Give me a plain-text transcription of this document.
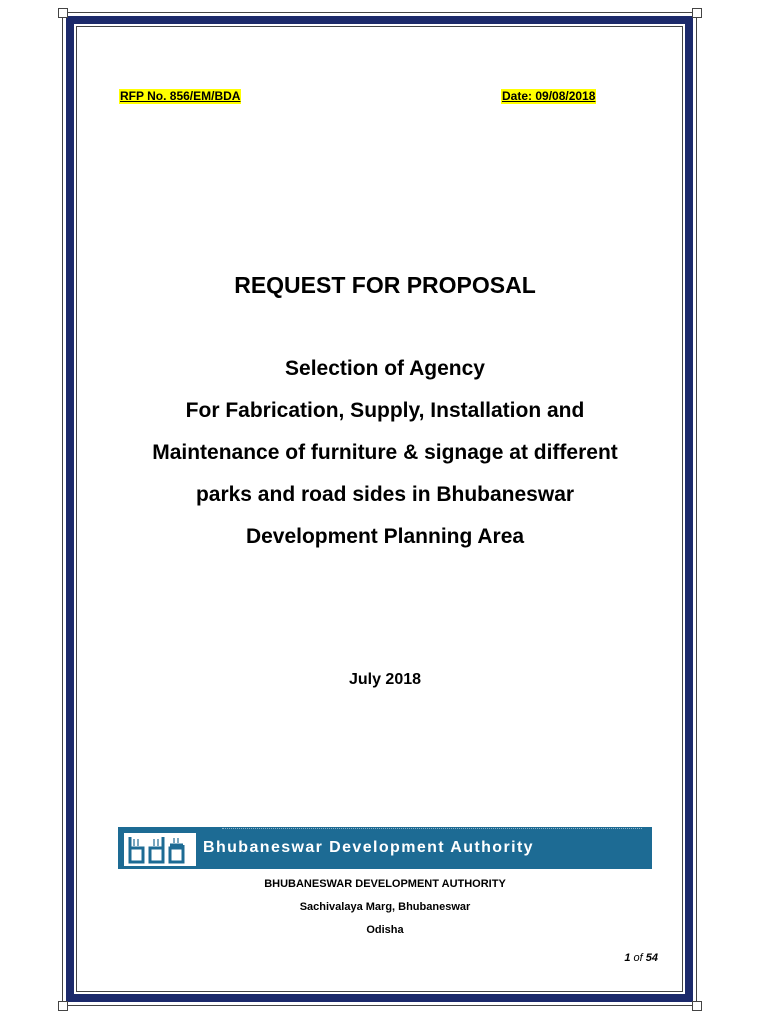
RFP No. 856/EM/BDA	Date: 09/08/2018
REQUEST FOR PROPOSAL
Selection of Agency
For Fabrication, Supply, Installation and
Maintenance of furniture & signage at different
parks and road sides in Bhubaneswar
Development Planning Area
July 2018
Bhubaneswar Development Authority
BHUBANESWAR DEVELOPMENT AUTHORITY
Sachivalaya Marg, Bhubaneswar
Odisha
1 of 54
